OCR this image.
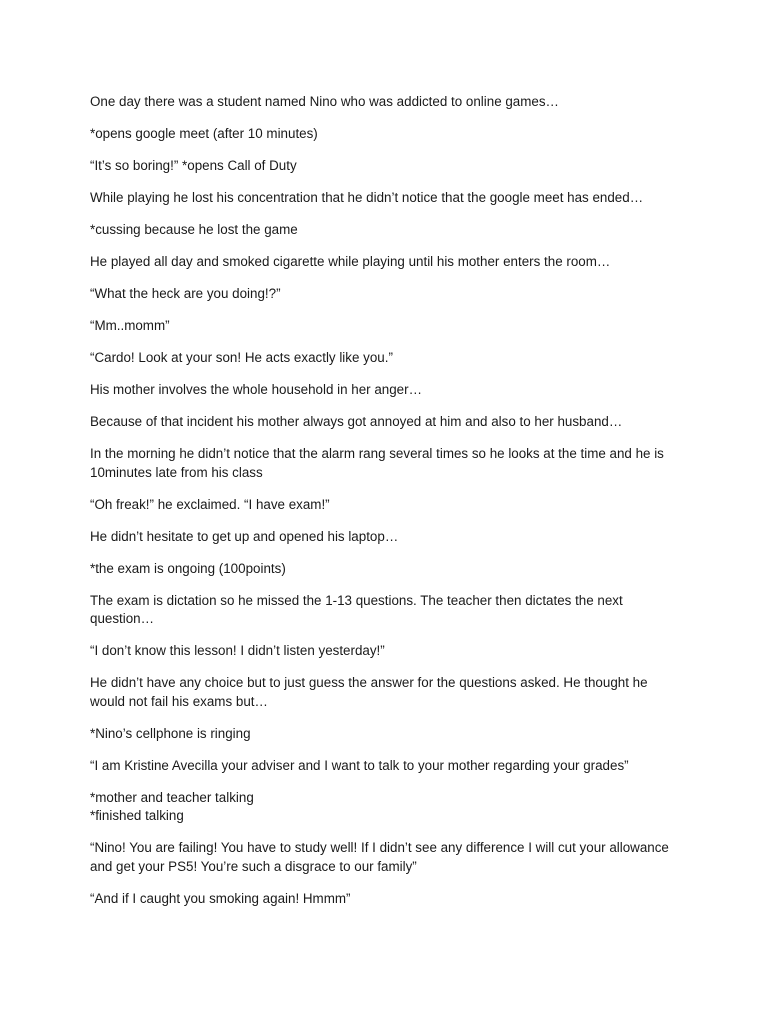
One day there was a student named Nino who was addicted to online games…

*opens google meet (after 10 minutes)

“It’s so boring!” *opens Call of Duty

While playing he lost his concentration that he didn’t notice that the google meet has ended…

*cussing because he lost the game

He played all day and smoked cigarette while playing until his mother enters the room…

“What the heck are you doing!?”

“Mm..momm”

“Cardo! Look at your son! He acts exactly like you.”

His mother involves the whole household in her anger…

Because of that incident his mother always got annoyed at him and also to her husband…

In the morning he didn’t notice that the alarm rang several times so he looks at the time and he is 10minutes late from his class

“Oh freak!” he exclaimed. “I have exam!”

He didn’t hesitate to get up and opened his laptop…

*the exam is ongoing (100points)

The exam is dictation so he missed the 1-13 questions. The teacher then dictates the next question…

“I don’t know this lesson! I didn’t listen yesterday!”

He didn’t have any choice but to just guess the answer for the questions asked. He thought he would not fail his exams but…

*Nino’s cellphone is ringing

“I am Kristine Avecilla your adviser and I want to talk to your mother regarding your grades”

*mother and teacher talking
*finished talking

“Nino! You are failing! You have to study well! If I didn’t see any difference I will cut your allowance and get your PS5! You’re such a disgrace to our family”

“And if I caught you smoking again! Hmmm”
